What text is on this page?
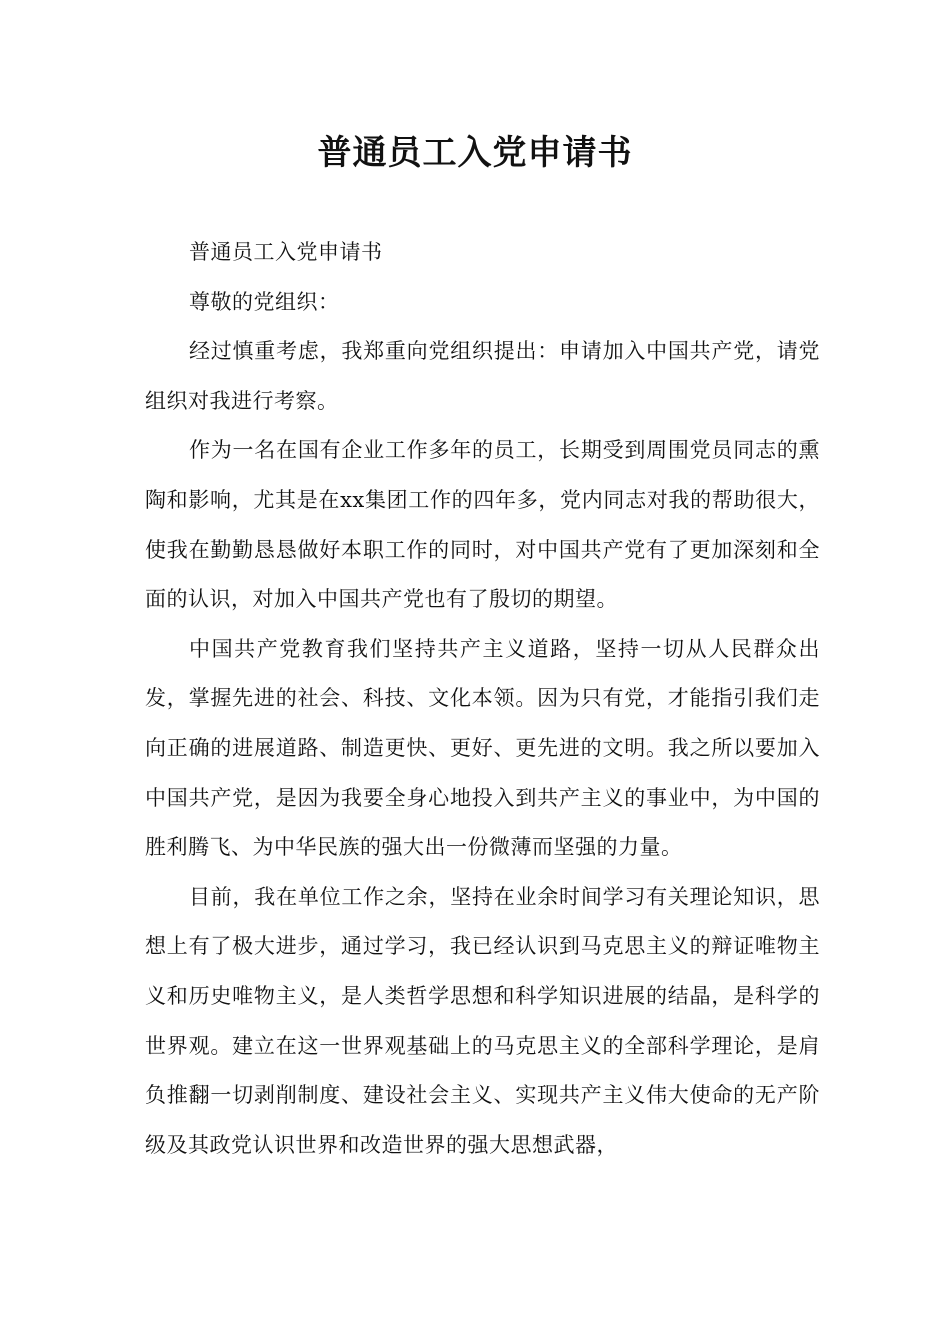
普通员工入党申请书

普通员工入党申请书

尊敬的党组织：

经过慎重考虑，我郑重向党组织提出：申请加入中国共产党，请党组织对我进行考察。

作为一名在国有企业工作多年的员工，长期受到周围党员同志的熏陶和影响，尤其是在xx集团工作的四年多，党内同志对我的帮助很大，使我在勤勤恳恳做好本职工作的同时，对中国共产党有了更加深刻和全面的认识，对加入中国共产党也有了殷切的期望。

中国共产党教育我们坚持共产主义道路，坚持一切从人民群众出发，掌握先进的社会、科技、文化本领。因为只有党，才能指引我们走向正确的进展道路、制造更快、更好、更先进的文明。我之所以要加入中国共产党，是因为我要全身心地投入到共产主义的事业中，为中国的胜利腾飞、为中华民族的强大出一份微薄而坚强的力量。

目前，我在单位工作之余，坚持在业余时间学习有关理论知识，思想上有了极大进步，通过学习，我已经认识到马克思主义的辩证唯物主义和历史唯物主义，是人类哲学思想和科学知识进展的结晶，是科学的世界观。建立在这一世界观基础上的马克思主义的全部科学理论，是肩负推翻一切剥削制度、建设社会主义、实现共产主义伟大使命的无产阶级及其政党认识世界和改造世界的强大思想武器，
